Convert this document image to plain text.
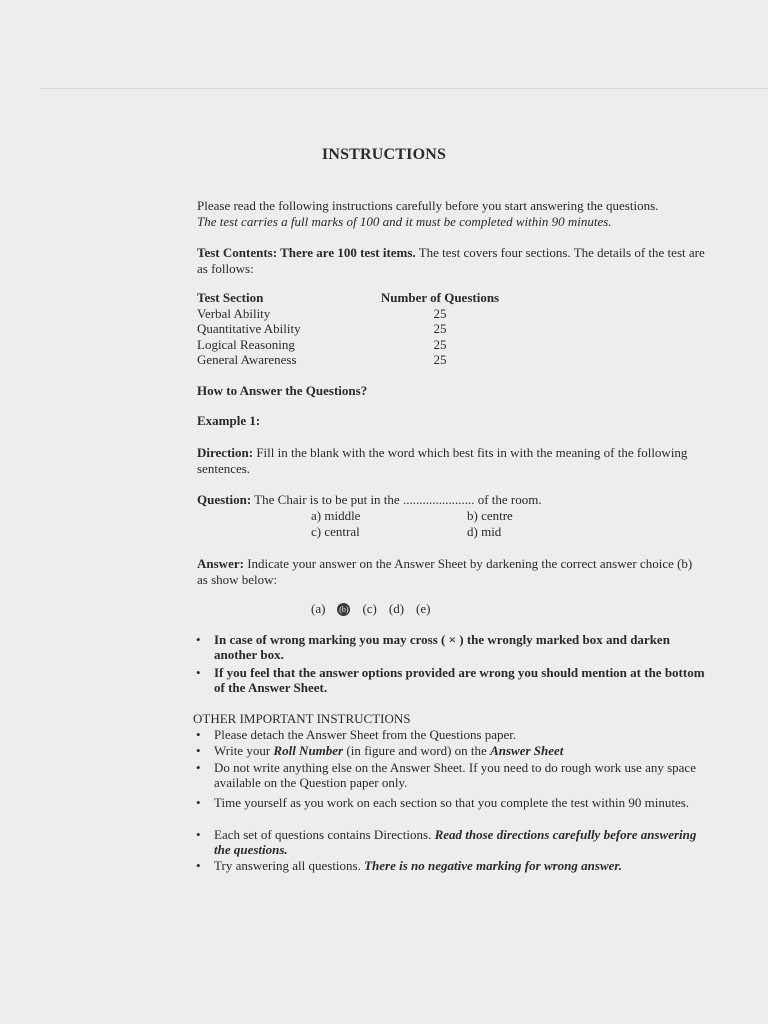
INSTRUCTIONS
Please read the following instructions carefully before you start answering the questions.
The test carries a full marks of 100 and it must be completed within 90 minutes.
Test Contents: There are 100 test items. The test covers four sections. The details of the test are as follows:
Test Section	Number of Questions
Verbal Ability	25
Quantitative Ability	25
Logical Reasoning	25
General Awareness	25
How to Answer the Questions?
Example 1:
Direction: Fill in the blank with the word which best fits in with the meaning of the following sentences.
Question: The Chair is to be put in the ...................... of the room.
a) middle	b) centre
c) central	d) mid
Answer: Indicate your answer on the Answer Sheet by darkening the correct answer choice (b) as show below:
(a) (b) (c) (d) (e)
• In case of wrong marking you may cross ( × ) the wrongly marked box and darken another box.
• If you feel that the answer options provided are wrong you should mention at the bottom of the Answer Sheet.
OTHER IMPORTANT INSTRUCTIONS
• Please detach the Answer Sheet from the Questions paper.
• Write your Roll Number (in figure and word) on the Answer Sheet
• Do not write anything else on the Answer Sheet. If you need to do rough work use any space available on the Question paper only.
• Time yourself as you work on each section so that you complete the test within 90 minutes.
• Each set of questions contains Directions. Read those directions carefully before answering the questions.
• Try answering all questions. There is no negative marking for wrong answer.
